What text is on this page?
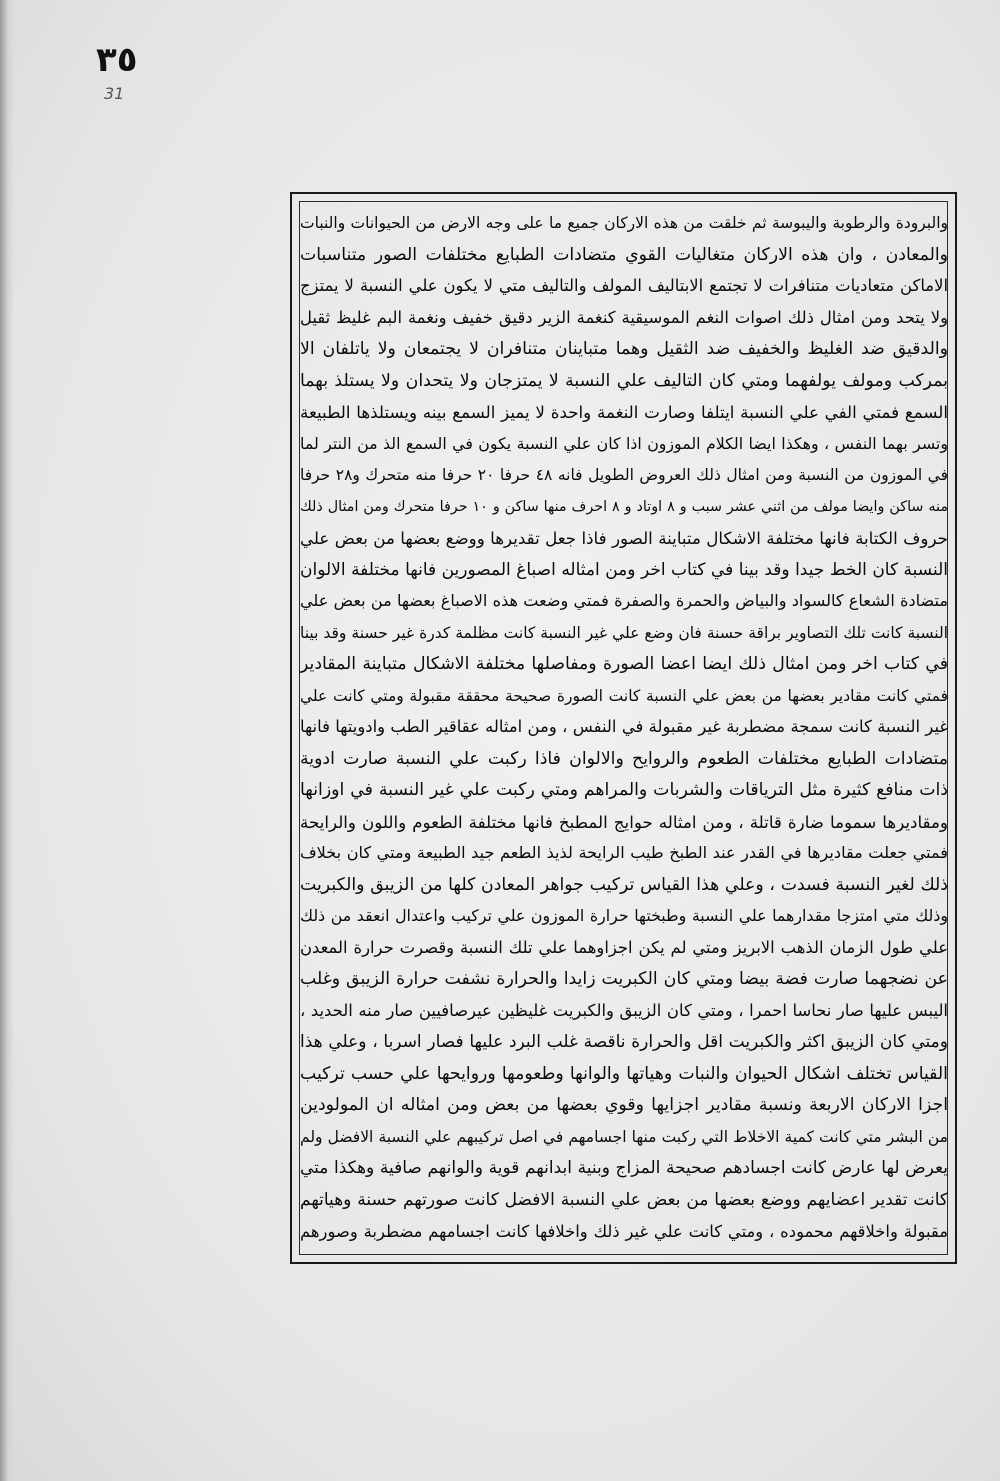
٣٥
31
والبرودة والرطوبة واليبوسة ثم خلقت من هذه الاركان جميع ما على وجه الارض من الحيوانات والنبات
والمعادن ، وان هذه الاركان متغاليات القوي متضادات الطبايع مختلفات الصور متناسبات
الاماكن متعاديات متنافرات لا تجتمع الابتاليف المولف والتاليف متي لا يكون علي النسبة لا يمتزج
ولا يتحد ومن امثال ذلك اصوات النغم الموسيقية كنغمة الزير دقيق خفيف ونغمة البم غليظ ثقيل
والدقيق ضد الغليظ والخفيف ضد الثقيل وهما متباينان متنافران لا يجتمعان ولا ياتلفان الا
بمركب ومولف يولفهما ومتي كان التاليف علي النسبة لا يمتزجان ولا يتحدان ولا يستلذ بهما
السمع فمتي الفي علي النسبة ايتلفا وصارت النغمة واحدة لا يميز السمع بينه ويستلذها الطبيعة
وتسر بهما النفس ، وهكذا ايضا الكلام الموزون اذا كان علي النسبة يكون في السمع الذ من النتر لما
في الموزون من النسبة ومن امثال ذلك العروض الطويل فانه ٤٨ حرفا ٢٠ حرفا منه متحرك و٢٨ حرفا
منه ساكن وايضا مولف من اثني عشر سبب و ٨ اوتاد و ٨ احرف منها ساكن و ١٠ حرفا متحرك ومن امثال ذلك
حروف الكتابة فانها مختلفة الاشكال متباينة الصور فاذا جعل تقديرها ووضع بعضها من بعض علي
النسبة كان الخط جيدا وقد بينا في كتاب اخر ومن امثاله اصباغ المصورين فانها مختلفة الالوان
متضادة الشعاع كالسواد والبياض والحمرة والصفرة فمتي وضعت هذه الاصباغ بعضها من بعض علي
النسبة كانت تلك التصاوير براقة حسنة فان وضع علي غير النسبة كانت مظلمة كدرة غير حسنة وقد بينا
في كتاب اخر ومن امثال ذلك ايضا اعضا الصورة ومفاصلها مختلفة الاشكال متباينة المقادير
فمتي كانت مقادير بعضها من بعض علي النسبة كانت الصورة صحيحة محققة مقبولة ومتي كانت علي
غير النسبة كانت سمجة مضطربة غير مقبولة في النفس ، ومن امثاله عقاقير الطب وادويتها فانها
متضادات الطبايع مختلفات الطعوم والروايح والالوان فاذا ركبت علي النسبة صارت ادوية
ذات منافع كثيرة مثل الترياقات والشربات والمراهم ومتي ركبت علي غير النسبة في اوزانها
ومقاديرها سموما ضارة قاتلة ، ومن امثاله حوايج المطبخ فانها مختلفة الطعوم واللون والرايحة
فمتي جعلت مقاديرها في القدر عند الطبخ طيب الرايحة لذيذ الطعم جيد الطبيعة ومتي كان بخلاف
ذلك لغير النسبة فسدت ، وعلي هذا القياس تركيب جواهر المعادن كلها من الزيبق والكبريت
وذلك متي امتزجا مقدارهما علي النسبة وطبختها حرارة الموزون علي تركيب واعتدال انعقد من ذلك
علي طول الزمان الذهب الابريز ومتي لم يكن اجزاوهما علي تلك النسبة وقصرت حرارة المعدن
عن نضجهما صارت فضة بيضا ومتي كان الكبريت زايدا والحرارة نشفت حرارة الزيبق وغلب
اليبس عليها صار نحاسا احمرا ، ومتي كان الزيبق والكبريت غليظين عيرصافيين صار منه الحديد ،
ومتي كان الزيبق اكثر والكبريت اقل والحرارة ناقصة غلب البرد عليها فصار اسربا ، وعلي هذا
القياس تختلف اشكال الحيوان والنبات وهياتها والوانها وطعومها وروايحها علي حسب تركيب
اجزا الاركان الاربعة ونسبة مقادير اجزايها وقوي بعضها من بعض ومن امثاله ان المولودين
من البشر متي كانت كمية الاخلاط التي ركبت منها اجسامهم في اصل تركيبهم علي النسبة الافضل ولم
يعرض لها عارض كانت اجسادهم صحيحة المزاج وبنية ابدانهم قوية والوانهم صافية وهكذا متي
كانت تقدير اعضايهم ووضع بعضها من بعض علي النسبة الافضل كانت صورتهم حسنة وهياتهم
مقبولة واخلاقهم محموده ، ومتي كانت علي غير ذلك واخلافها كانت اجسامهم مضطربة وصورهم
